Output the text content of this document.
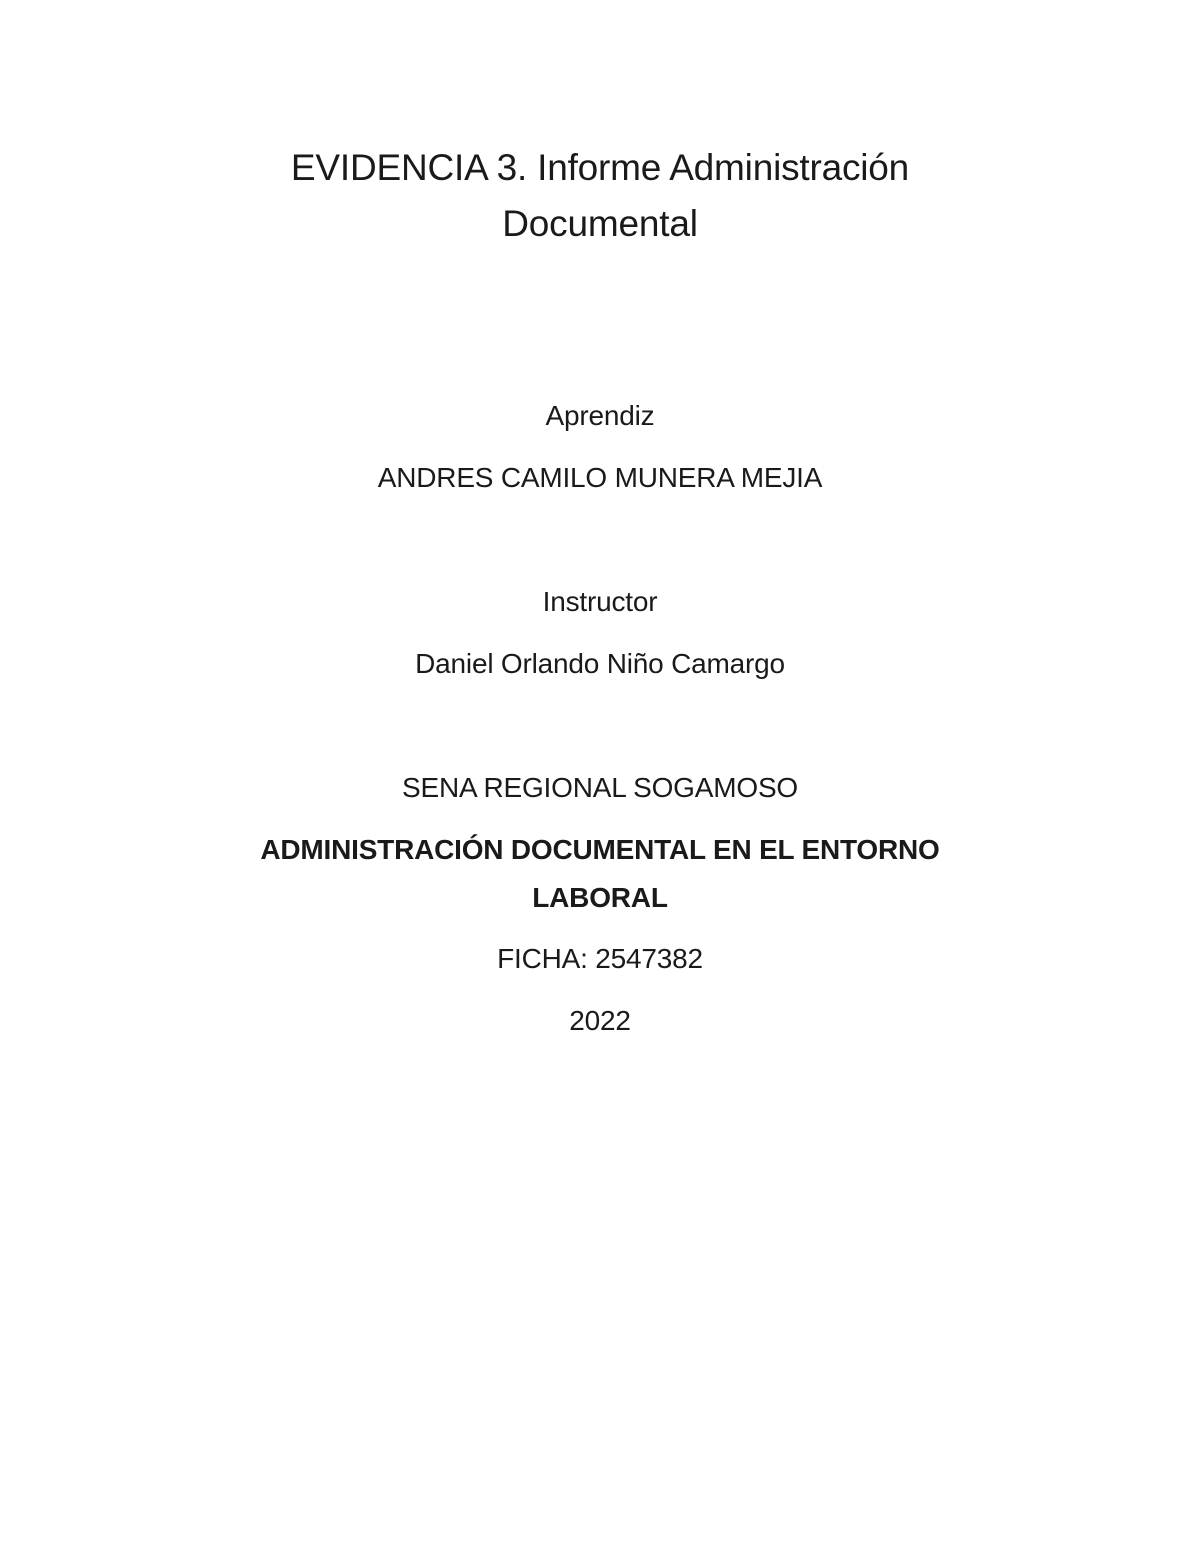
EVIDENCIA 3. Informe Administración
Documental
Aprendiz
ANDRES CAMILO MUNERA MEJIA
Instructor
Daniel Orlando Niño Camargo
SENA REGIONAL SOGAMOSO
ADMINISTRACIÓN DOCUMENTAL EN EL ENTORNO
LABORAL
FICHA: 2547382
2022
